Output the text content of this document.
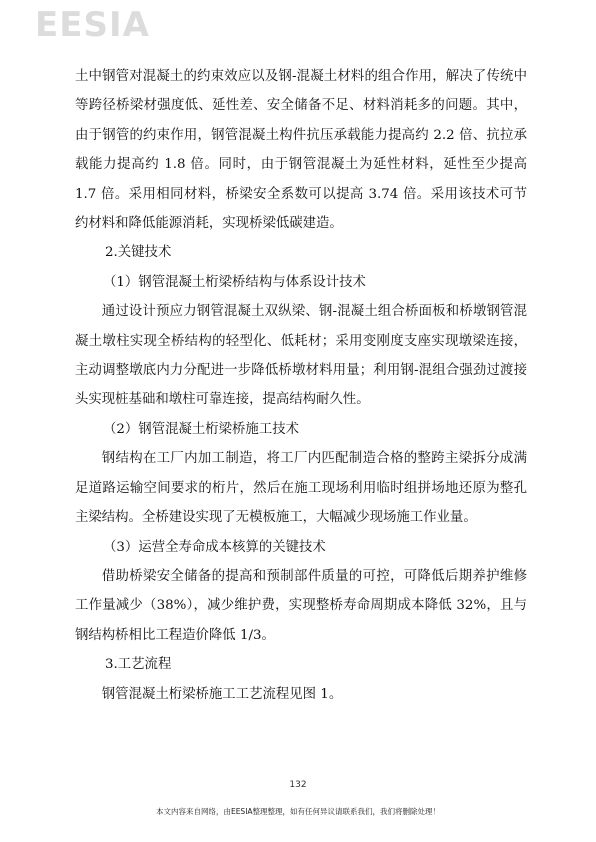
EESIA

土中钢管对混凝土的约束效应以及钢-混凝土材料的组合作用，解决了传统中等跨径桥梁材强度低、延性差、安全储备不足、材料消耗多的问题。其中，由于钢管的约束作用，钢管混凝土构件抗压承载能力提高约 2.2 倍、抗拉承载能力提高约 1.8 倍。同时，由于钢管混凝土为延性材料，延性至少提高 1.7 倍。采用相同材料，桥梁安全系数可以提高 3.74 倍。采用该技术可节约材料和降低能源消耗，实现桥梁低碳建造。

2.关键技术

（1）钢管混凝土桁梁桥结构与体系设计技术

通过设计预应力钢管混凝土双纵梁、钢-混凝土组合桥面板和桥墩钢管混凝土墩柱实现全桥结构的轻型化、低耗材；采用变刚度支座实现墩梁连接，主动调整墩底内力分配进一步降低桥墩材料用量；利用钢-混组合强劲过渡接头实现桩基础和墩柱可靠连接，提高结构耐久性。

（2）钢管混凝土桁梁桥施工技术

钢结构在工厂内加工制造，将工厂内匹配制造合格的整跨主梁拆分成满足道路运输空间要求的桁片，然后在施工现场利用临时组拼场地还原为整孔主梁结构。全桥建设实现了无模板施工，大幅减少现场施工作业量。

（3）运营全寿命成本核算的关键技术

借助桥梁安全储备的提高和预制部件质量的可控，可降低后期养护维修工作量减少（38%），减少维护费，实现整桥寿命周期成本降低 32%，且与钢结构桥相比工程造价降低 1/3。

3.工艺流程

钢管混凝土桁梁桥施工工艺流程见图 1。

132
本文内容来自网络，由EESIA整理整理，如有任何异议请联系我们，我们将删除处理！
